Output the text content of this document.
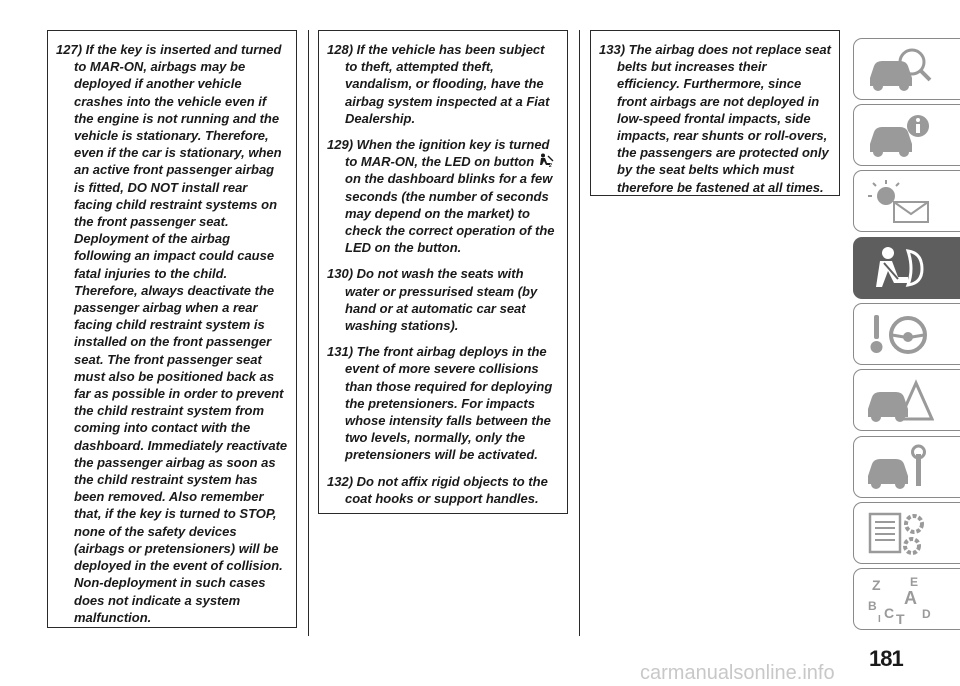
127) If the key is inserted and turned to MAR-ON, airbags may be deployed if another vehicle crashes into the vehicle even if the engine is not running and the vehicle is stationary. Therefore, even if the car is stationary, when an active front passenger airbag is fitted, DO NOT install rear facing child restraint systems on the front passenger seat. Deployment of the airbag following an impact could cause fatal injuries to the child. Therefore, always deactivate the passenger airbag when a rear facing child restraint system is installed on the front passenger seat. The front passenger seat must also be positioned back as far as possible in order to prevent the child restraint system from coming into contact with the dashboard. Immediately reactivate the passenger airbag as soon as the child restraint system has been removed. Also remember that, if the key is turned to STOP, none of the safety devices (airbags or pretensioners) will be deployed in the event of collision. Non-deployment in such cases does not indicate a system malfunction.

128) If the vehicle has been subject to theft, attempted theft, vandalism, or flooding, have the airbag system inspected at a Fiat Dealership.

129) When the ignition key is turned to MAR-ON, the LED on button	2
on the dashboard blinks for a few seconds (the number of seconds may depend on the market) to check the correct operation of the LED on the button.

130) Do not wash the seats with water or pressurised steam (by hand or at automatic car seat washing stations).

131) The front airbag deploys in the event of more severe collisions than those required for deploying the pretensioners. For impacts whose intensity falls between the two levels, normally, only the pretensioners will be activated.

132) Do not affix rigid objects to the coat hooks or support handles.

133) The airbag does not replace seat belts but increases their efficiency. Furthermore, since front airbags are not deployed in low-speed frontal impacts, side impacts, rear shunts or roll-overs, the passengers are protected only by the seat belts which must therefore be fastened at all times.

Z E
A
B C D
T
I
181
carmanualsonline.info
